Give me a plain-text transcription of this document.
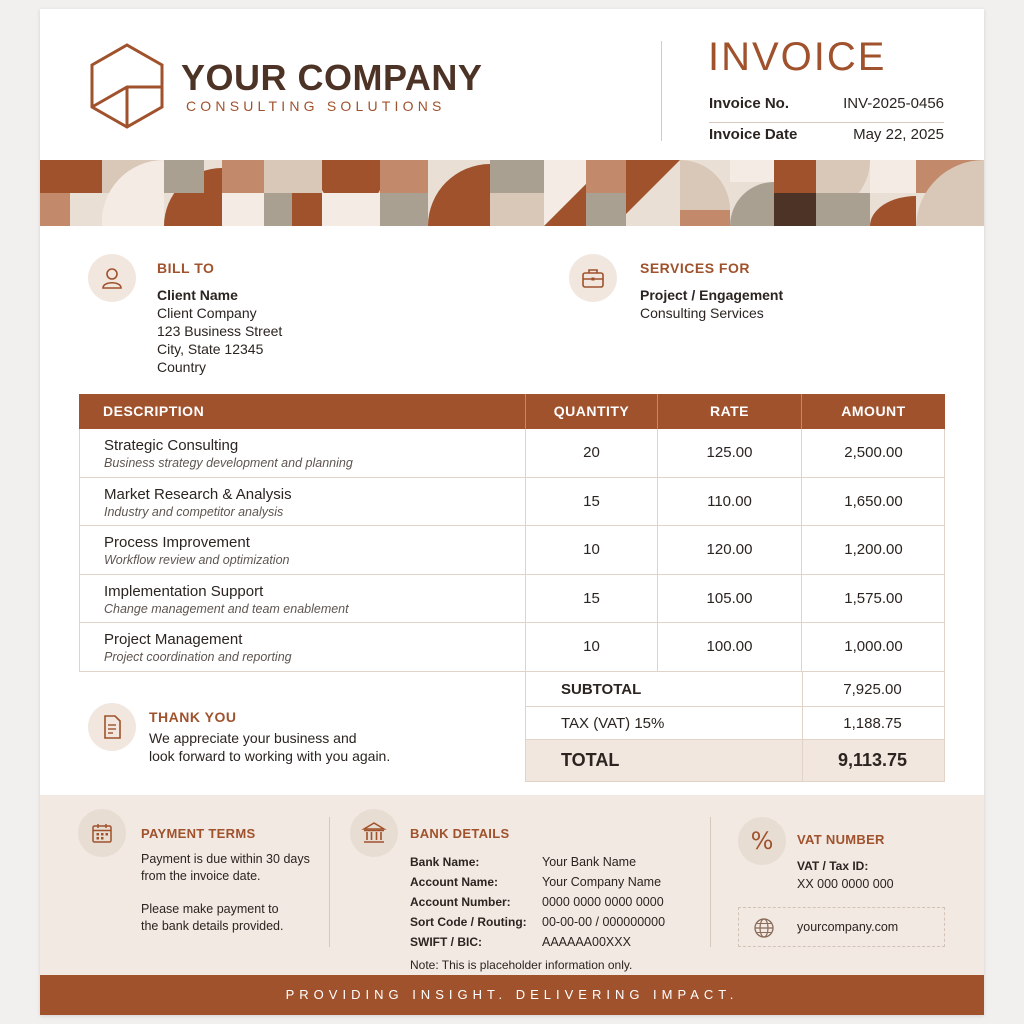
YOUR COMPANY
CONSULTING SOLUTIONS
INVOICE
Invoice No.	INV-2025-0456
Invoice Date	May 22, 2025
BILL TO
Client Name
Client Company
123 Business Street
City, State 12345
Country
SERVICES FOR
Project / Engagement
Consulting Services
DESCRIPTION	QUANTITY	RATE	AMOUNT
Strategic Consulting
Business strategy development and planning
20	125.00	2,500.00
Market Research & Analysis
Industry and competitor analysis
15	110.00	1,650.00
Process Improvement
Workflow review and optimization
10	120.00	1,200.00
Implementation Support
Change management and team enablement
15	105.00	1,575.00
Project Management
Project coordination and reporting
10	100.00	1,000.00
SUBTOTAL	7,925.00
TAX (VAT) 15%	1,188.75
TOTAL	9,113.75
THANK YOU
We appreciate your business and
look forward to working with you again.
PAYMENT TERMS
Payment is due within 30 days
from the invoice date.
Please make payment to
the bank details provided.
BANK DETAILS
Bank Name:	Your Bank Name
Account Name:	Your Company Name
Account Number:	0000 0000 0000 0000
Sort Code / Routing: 00-00-00 / 000000000
SWIFT / BIC:	AAAAAA00XXX
Note: This is placeholder information only.
% VAT NUMBER
VAT / Tax ID:
XX 000 0000 000
yourcompany.com
PROVIDING INSIGHT. DELIVERING IMPACT.
